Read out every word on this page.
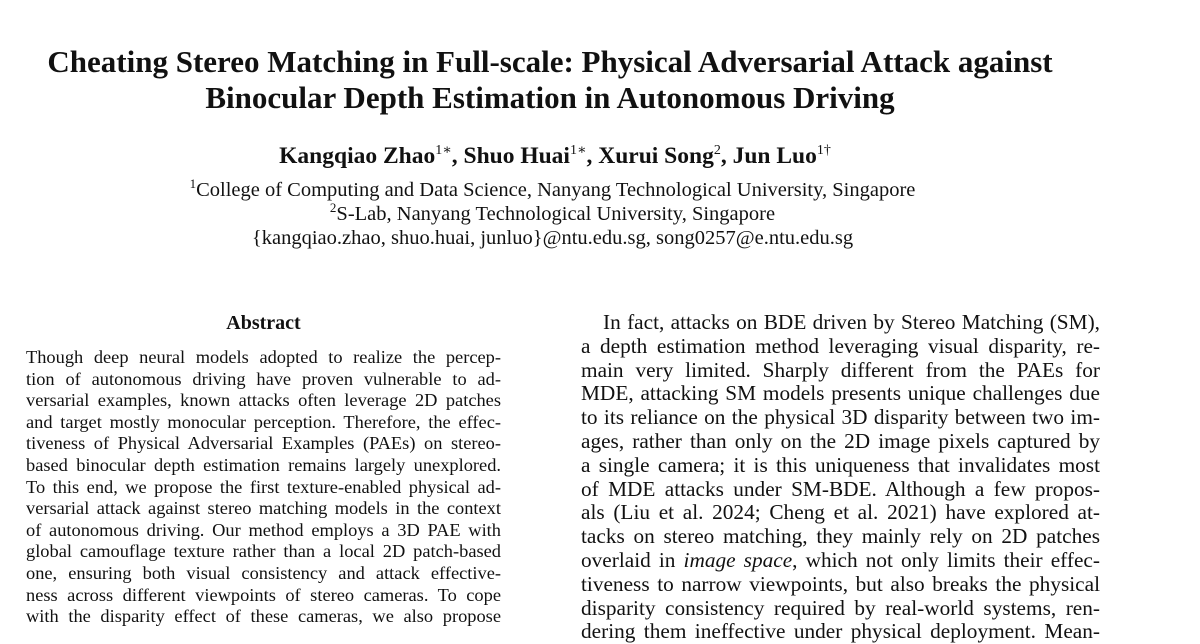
Cheating Stereo Matching in Full-scale: Physical Adversarial Attack against
Binocular Depth Estimation in Autonomous Driving
Kangqiao Zhao$^{1∗}$, Shuo Huai$^{1∗}$, Xurui Song$^2$, Jun Luo$^{1\dagger}$
$^1$College of Computing and Data Science, Nanyang Technological University, Singapore
$^2$S-Lab, Nanyang Technological University, Singapore
{kangqiao.zhao, shuo.huai, junluo}@ntu.edu.sg, song0257@e.ntu.edu.sg
Abstract
Though deep neural models adopted to realize the percep-
tion of autonomous driving have proven vulnerable to ad-
versarial examples, known attacks often leverage 2D patches
and target mostly monocular perception. Therefore, the effec-
tiveness of Physical Adversarial Examples (PAEs) on stereo-
based binocular depth estimation remains largely unexplored.
To this end, we propose the first texture-enabled physical ad-
versarial attack against stereo matching models in the context
of autonomous driving. Our method employs a 3D PAE with
global camouflage texture rather than a local 2D patch-based
one, ensuring both visual consistency and attack effective-
ness across different viewpoints of stereo cameras. To cope
with the disparity effect of these cameras, we also propose
In fact, attacks on BDE driven by Stereo Matching (SM),
a depth estimation method leveraging visual disparity, re-
main very limited. Sharply different from the PAEs for
MDE, attacking SM models presents unique challenges due
to its reliance on the physical 3D disparity between two im-
ages, rather than only on the 2D image pixels captured by
a single camera; it is this uniqueness that invalidates most
of MDE attacks under SM-BDE. Although a few propos-
als (Liu et al. 2024; Cheng et al. 2021) have explored at-
tacks on stereo matching, they mainly rely on 2D patches
overlaid in image space, which not only limits their effec-
tiveness to narrow viewpoints, but also breaks the physical
disparity consistency required by real-world systems, ren-
dering them ineffective under physical deployment. Mean-
